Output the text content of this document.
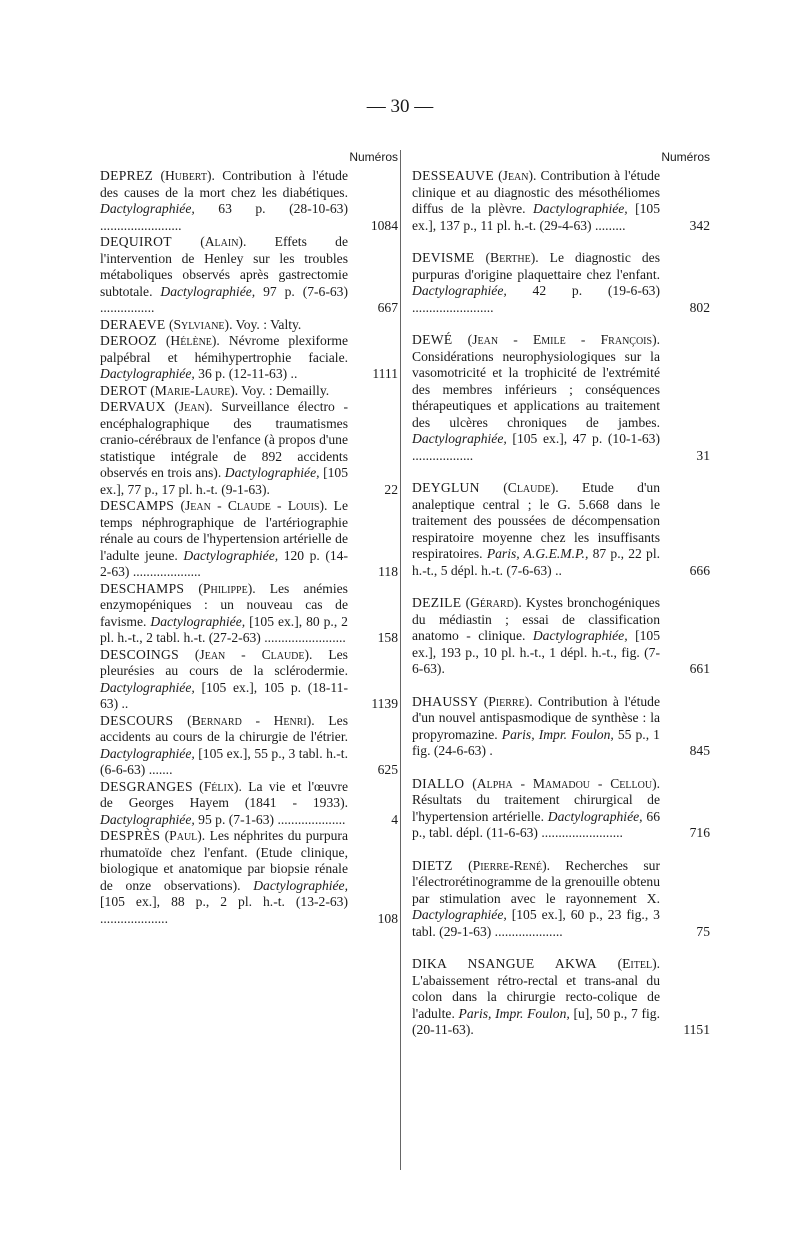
— 30 —
Numéros
DEPREZ (Hubert). Contribution à l'étude des causes de la mort chez les diabétiques. Dactylographiée, 63 p. (28-10-63) ........................	1084
DEQUIROT (Alain). Effets de l'intervention de Henley sur les troubles métaboliques observés après gastrectomie subtotale. Dactylographiée, 97 p. (7-6-63) ................	667
DERAEVE (Sylviane). Voy. : Valty.
DEROOZ (Hélène). Névrome plexiforme palpébral et hémihypertrophie faciale. Dactylographiée, 36 p. (12-11-63) ..	1111
DEROT (Marie-Laure). Voy. : Demailly.
DERVAUX (Jean). Surveillance électro - encéphalographique des traumatismes cranio-cérébraux de l'enfance (à propos d'une statistique intégrale de 892 accidents observés en trois ans). Dactylographiée, [105 ex.], 77 p., 17 pl. h.-t. (9-1-63).	22
DESCAMPS (Jean - Claude - Louis). Le temps néphrographique de l'artériographie rénale au cours de l'hypertension artérielle de l'adulte jeune. Dactylographiée, 120 p. (14-2-63) ....................	118
DESCHAMPS (Philippe). Les anémies enzymopéniques : un nouveau cas de favisme. Dactylographiée, [105 ex.], 80 p., 2 pl. h.-t., 2 tabl. h.-t. (27-2-63) ........................	158
DESCOINGS (Jean - Claude). Les pleurésies au cours de la sclérodermie. Dactylographiée, [105 ex.], 105 p. (18-11-63) ..	1139
DESCOURS (Bernard - Henri). Les accidents au cours de la chirurgie de l'étrier. Dactylographiée, [105 ex.], 55 p., 3 tabl. h.-t. (6-6-63) .......	625
DESGRANGES (Félix). La vie et l'œuvre de Georges Hayem (1841 - 1933). Dactylographiée, 95 p. (7-1-63) ....................	4
DESPRÈS (Paul). Les néphrites du purpura rhumatoïde chez l'enfant. (Etude clinique, biologique et anatomique par biopsie rénale de onze observations). Dactylographiée, [105 ex.], 88 p., 2 pl. h.-t. (13-2-63) ....................	108
Numéros
DESSEAUVE (Jean). Contribution à l'étude clinique et au diagnostic des mésothéliomes diffus de la plèvre. Dactylographiée, [105 ex.], 137 p., 11 pl. h.-t. (29-4-63) .........	342
DEVISME (Berthe). Le diagnostic des purpuras d'origine plaquettaire chez l'enfant. Dactylographiée, 42 p. (19-6-63) ........................	802
DEWÉ (Jean - Emile - François). Considérations neurophysiologiques sur la vasomotricité et la trophicité de l'extrémité des membres inférieurs ; conséquences thérapeutiques et applications au traitement des ulcères chroniques de jambes. Dactylographiée, [105 ex.], 47 p. (10-1-63) ..................	31
DEYGLUN (Claude). Etude d'un analeptique central ; le G. 5.668 dans le traitement des poussées de décompensation respiratoire moyenne chez les insuffisants respiratoires. Paris, A.G.E.M.P., 87 p., 22 pl. h.-t., 5 dépl. h.-t. (7-6-63) ..	666
DEZILE (Gérard). Kystes bronchogéniques du médiastin ; essai de classification anatomo - clinique. Dactylographiée, [105 ex.], 193 p., 10 pl. h.-t., 1 dépl. h.-t., fig. (7-6-63).	661
DHAUSSY (Pierre). Contribution à l'étude d'un nouvel antispasmodique de synthèse : la propyromazine. Paris, Impr. Foulon, 55 p., 1 fig. (24-6-63) .	845
DIALLO (Alpha - Mamadou - Cellou). Résultats du traitement chirurgical de l'hypertension artérielle. Dactylographiée, 66 p., tabl. dépl. (11-6-63) ........................	716
DIETZ (Pierre-René). Recherches sur l'électrorétinogramme de la grenouille obtenu par stimulation avec le rayonnement X. Dactylographiée, [105 ex.], 60 p., 23 fig., 3 tabl. (29-1-63) ....................	75
DIKA NSANGUE AKWA (Eitel). L'abaissement rétro-rectal et trans-anal du colon dans la chirurgie recto-colique de l'adulte. Paris, Impr. Foulon, [u], 50 p., 7 fig. (20-11-63).	1151
